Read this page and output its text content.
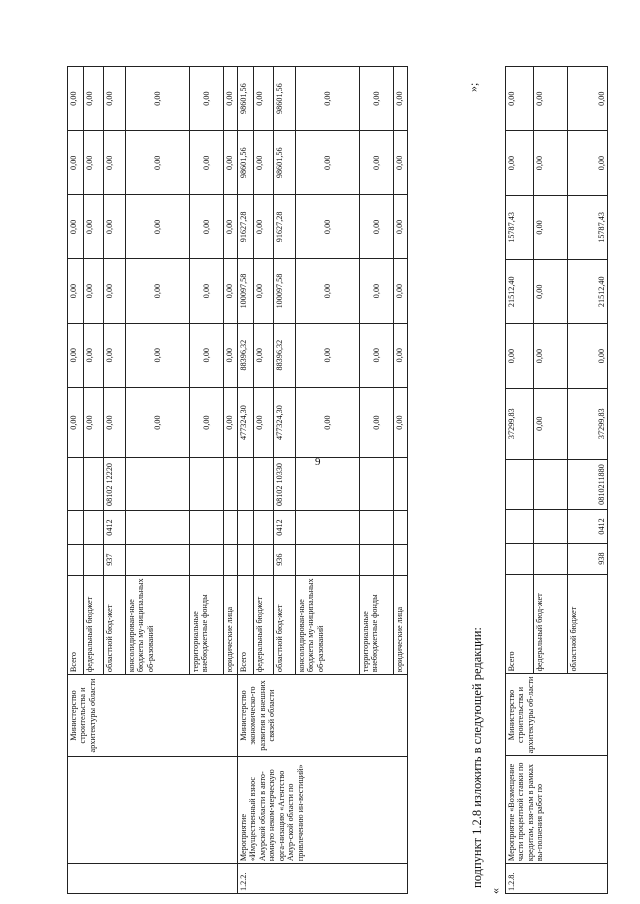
9
		Министерство строительства и архитектуры области	Всего				0,00	0,00	0,00	0,00	0,00	0,00
			федеральный бюджет				0,00	0,00	0,00	0,00	0,00	0,00
			областной бюд-жет	937	0412	08102 12220	0,00	0,00	0,00	0,00	0,00	0,00
			консолидирован-ные бюджеты му-ниципальных об-разований				0,00	0,00	0,00	0,00	0,00	0,00
			территориальные внебюджетные фонды				0,00	0,00	0,00	0,00	0,00	0,00
			юридические лица				0,00	0,00	0,00	0,00	0,00	0,00
1.2.2.	Мероприятие «Имущественный взнос Амурской области в авто-номную неком-мерческую орга-низацию «Агентство Амур-ской области по привлечению ин-вестиций»	Министерство экономическо-го развития и внешних связей области	Всего				477324,30	88396,32	100097,58	91627,28	98601,56	98601,56
			федеральный бюджет				0,00	0,00	0,00	0,00	0,00	0,00
			областной бюд-жет	936	0412	08102 10330	477324,30	88396,32	100097,58	91627,28	98601,56	98601,56
			консолидирован-ные бюджеты му-ниципальных об-разований				0,00	0,00	0,00	0,00	0,00	0,00
			территориальные внебюджетные фонды				0,00	0,00	0,00	0,00	0,00	0,00
			юридические лица				0,00	0,00	0,00	0,00	0,00	0,00
»;
подпункт 1.2.8 изложить в следующей редакции:
« 1.2.8.	Мероприятие «Возмещение части процентной ставки по кредитам, взя-тым в рамках вы-полнения работ по	Министерство строительства и архитектуры об-ласти	Всего				37299,83	0,00	21512,40	15787,43	0,00	0,00
			федеральный бюд-жет				0,00	0,00	0,00	0,00	0,00	0,00
			областной бюджет	938	0412	0810211880	37299,83	0,00	21512,40	15787,43	0,00	0,00
